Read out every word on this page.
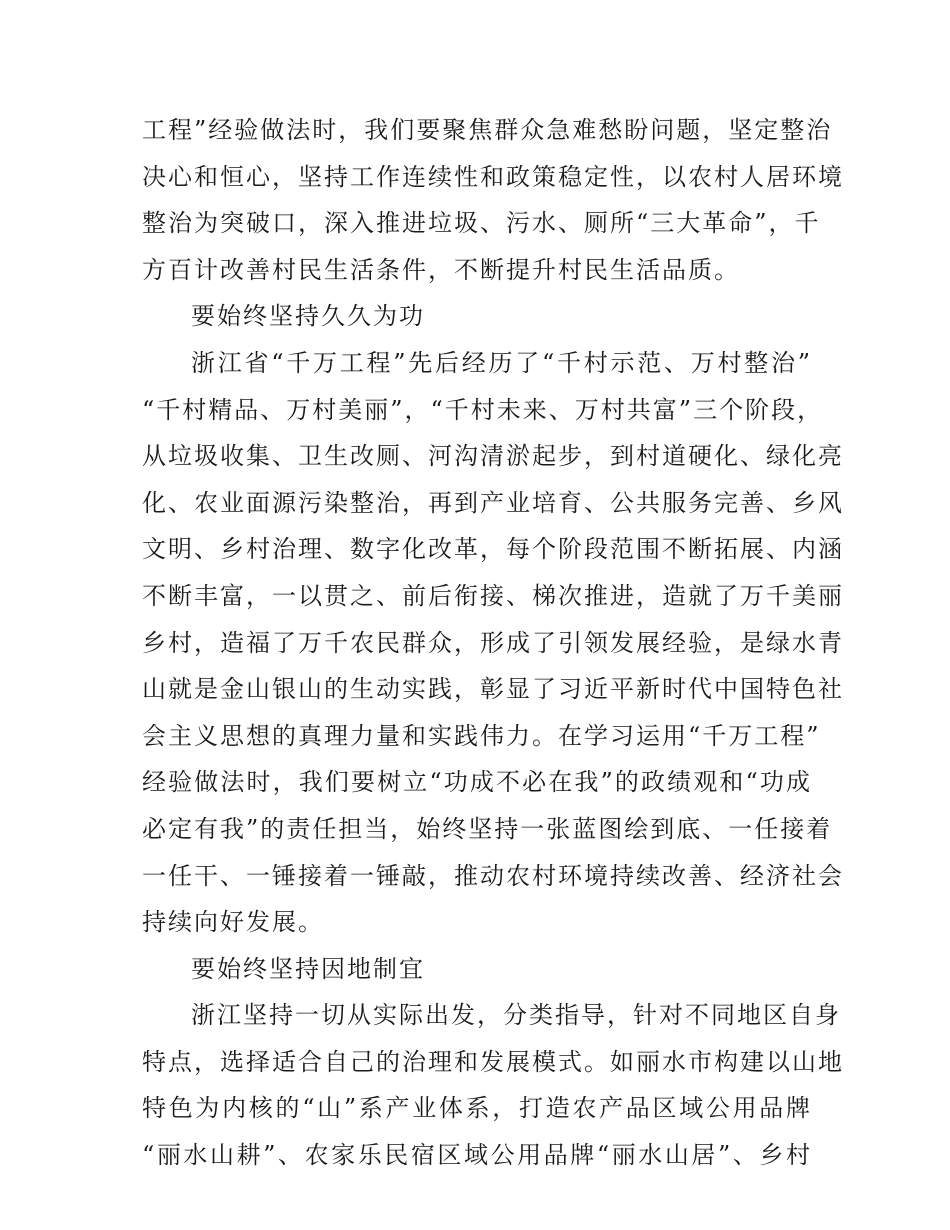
工程”经验做法时，我们要聚焦群众急难愁盼问题，坚定整治
决心和恒心，坚持工作连续性和政策稳定性，以农村人居环境
整治为突破口，深入推进垃圾、污水、厕所“三大革命”，千
方百计改善村民生活条件，不断提升村民生活品质。

要始终坚持久久为功

浙江省“千万工程”先后经历了“千村示范、万村整治”
“千村精品、万村美丽”，“千村未来、万村共富”三个阶段，
从垃圾收集、卫生改厕、河沟清淤起步，到村道硬化、绿化亮
化、农业面源污染整治，再到产业培育、公共服务完善、乡风
文明、乡村治理、数字化改革，每个阶段范围不断拓展、内涵
不断丰富，一以贯之、前后衔接、梯次推进，造就了万千美丽
乡村，造福了万千农民群众，形成了引领发展经验，是绿水青
山就是金山银山的生动实践，彰显了习近平新时代中国特色社
会主义思想的真理力量和实践伟力。在学习运用“千万工程”
经验做法时，我们要树立“功成不必在我”的政绩观和“功成
必定有我”的责任担当，始终坚持一张蓝图绘到底、一任接着
一任干、一锤接着一锤敲，推动农村环境持续改善、经济社会
持续向好发展。

要始终坚持因地制宜

浙江坚持一切从实际出发，分类指导，针对不同地区自身
特点，选择适合自己的治理和发展模式。如丽水市构建以山地
特色为内核的“山”系产业体系，打造农产品区域公用品牌
“丽水山耕”、农家乐民宿区域公用品牌“丽水山居”、乡村
